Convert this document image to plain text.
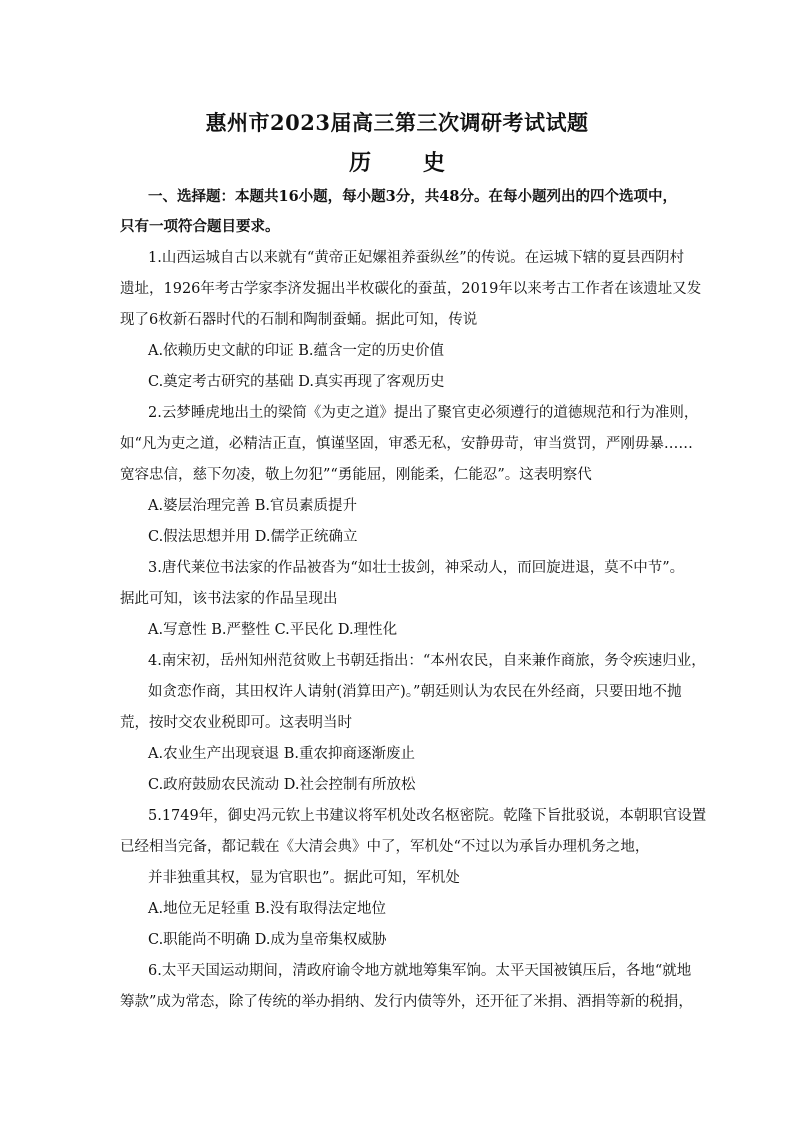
惠州市2023届高三第三次调研考试试题
历 史
一、选择题：本题共16小题，每小题3分，共48分。在每小题列出的四个选项中，
只有一项符合题目要求。
1.山西运城自古以来就有“黄帝正妃嫘祖养蚕纵丝”的传说。在运城下辖的夏县西阴村
遗址，1926年考古学家李济发掘出半枚碳化的蚕茧，2019年以来考古工作者在该遗址又发
现了6枚新石器时代的石制和陶制蚕蛹。据此可知，传说
A.依赖历史文献的印证 B.蕴含一定的历史价值
C.奠定考古研究的基础 D.真实再现了客观历史
2.云梦睡虎地出土的梁简《为吏之道》提出了聚官吏必须遵行的道德规范和行为准则，
如“凡为吏之道，必精洁正直，慎谨坚固，审悉无私，安静毋苛，审当赏罚，严刚毋暴……
宽容忠信，慈下勿凌，敬上勿犯”“勇能屈，刚能柔，仁能忍”。这表明察代
A.婆层治理完善 B.官员素质提升
C.假法思想并用 D.儒学正统确立
3.唐代莱位书法家的作品被沓为“如壮士拔剑，神采动人，而回旋进退，莫不中节”。
据此可知，该书法家的作品呈现出
A.写意性 B.严整性 C.平民化 D.理性化
4.南宋初，岳州知州范贫败上书朝廷指出：“本州农民，自来兼作商旅，务令疾速归业，
如贪恋作商，其田权许人请射(消算田产)。”朝廷则认为农民在外经商，只要田地不抛
荒，按时交农业税即可。这表明当时
A.农业生产出现衰退 B.重农抑商逐渐废止
C.政府鼓励农民流动 D.社会控制有所放松
5.1749年，御史冯元钦上书建议将军机处改名枢密院。乾隆下旨批驳说，本朝职官设置
已经相当完备，都记载在《大清会典》中了，军机处“不过以为承旨办理机务之地，
并非独重其权，显为官职也”。据此可知，军机处
A.地位无足轻重 B.没有取得法定地位
C.职能尚不明确 D.成为皇帝集权威胁
6.太平天国运动期间，清政府谕令地方就地筹集军饷。太平天国被镇压后，各地“就地
筹款”成为常态，除了传统的举办捐纳、发行内债等外，还开征了米捐、酒捐等新的税捐，
